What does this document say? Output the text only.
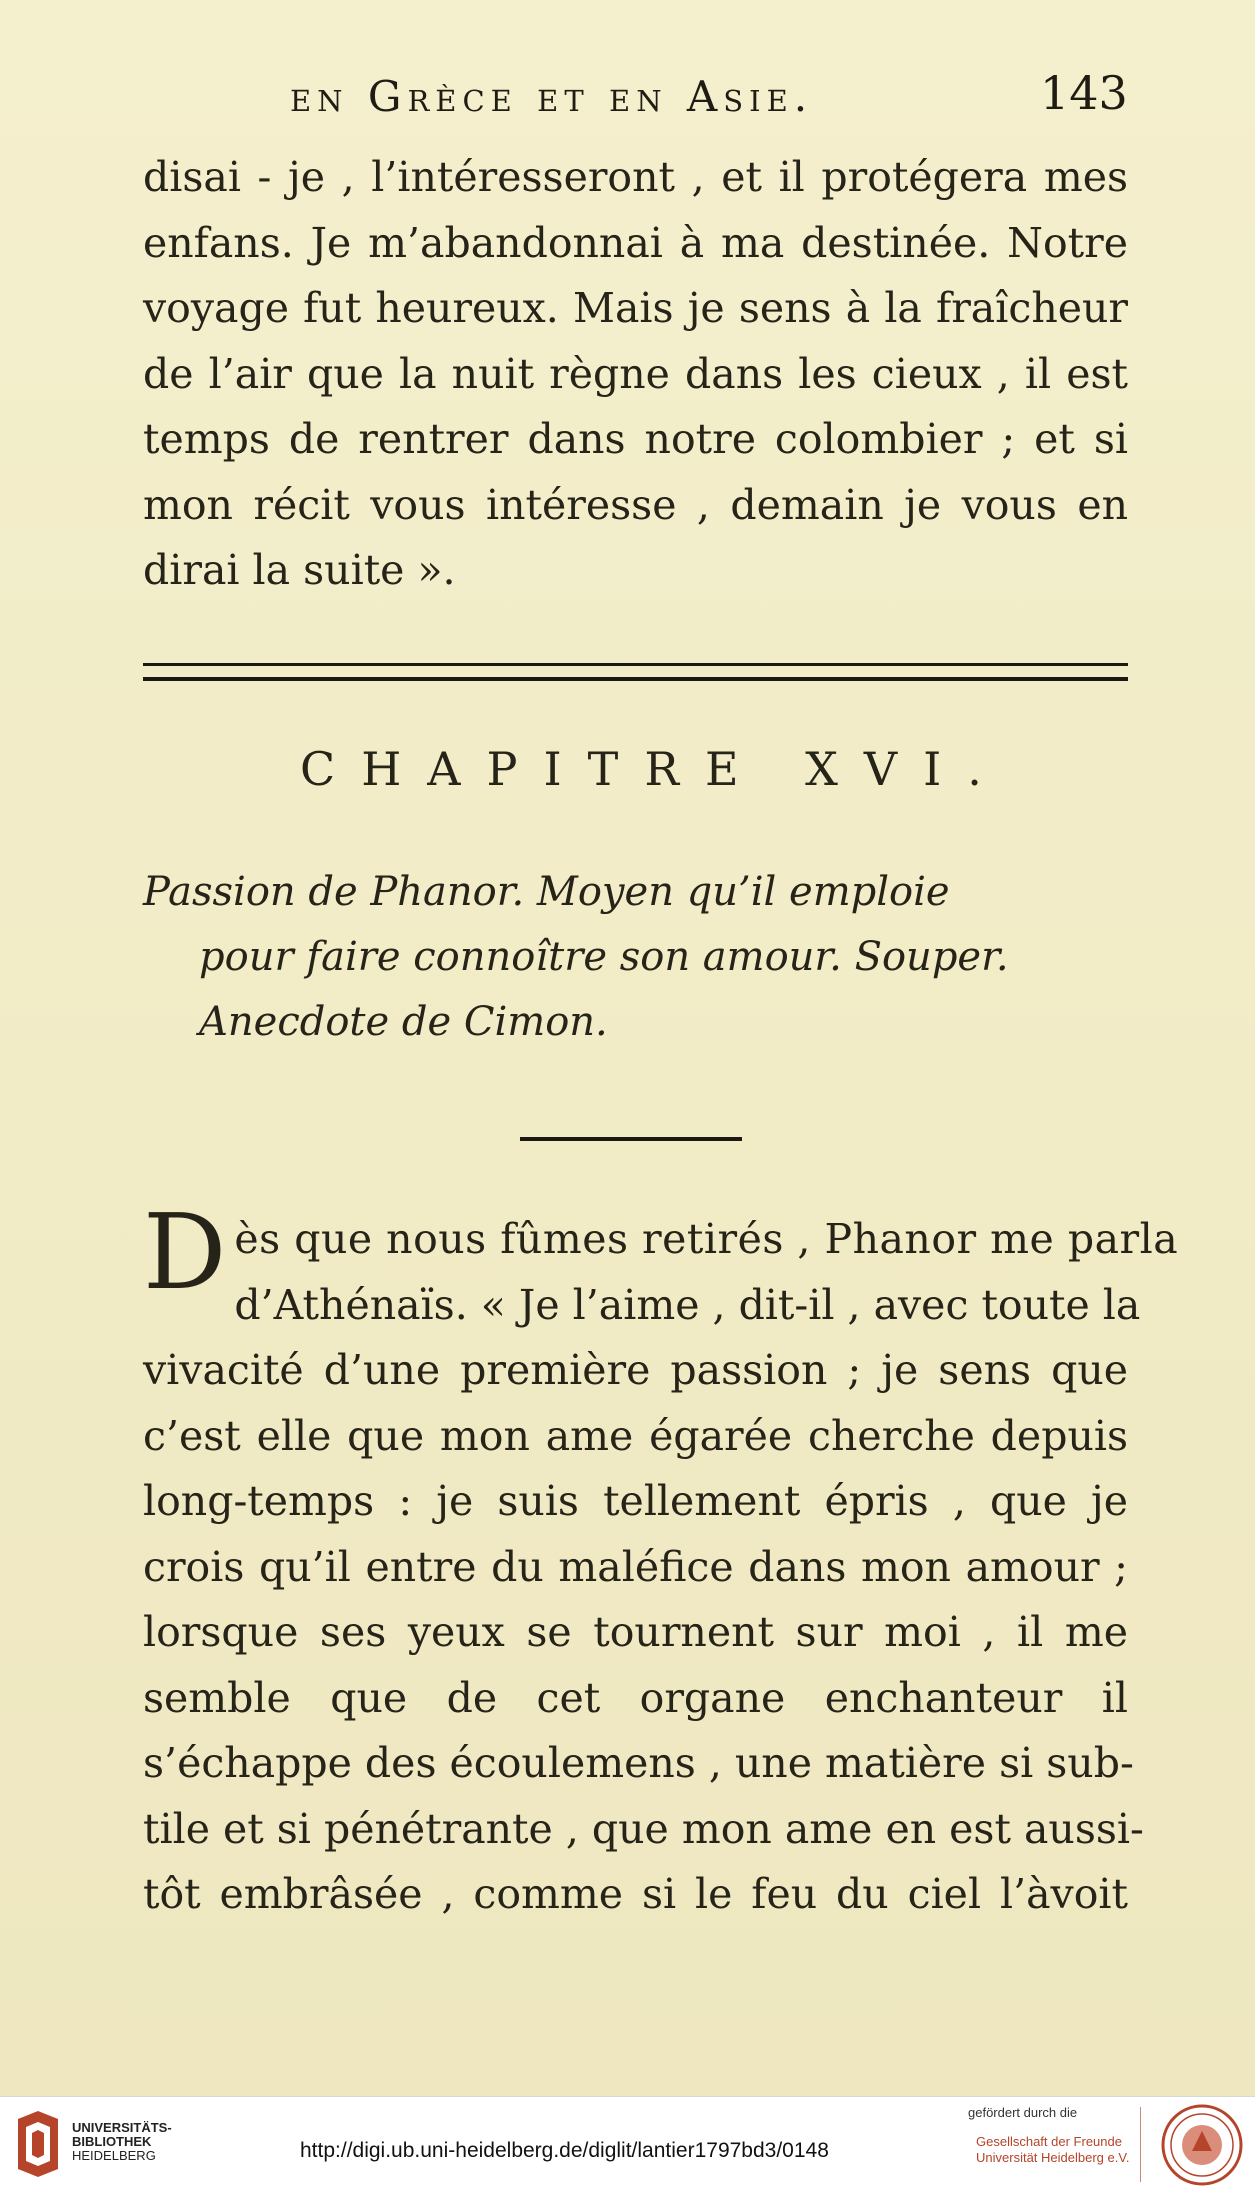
en Grèce et en Asie.	143
disai - je , l’intéresseront , et il protégera mes
enfans. Je m’abandonnai à ma destinée. Notre
voyage fut heureux. Mais je sens à la fraîcheur
de l’air que la nuit règne dans les cieux , il est
temps de rentrer dans notre colombier ; et si
mon récit vous intéresse , demain je vous en
dirai la suite ».
CHAPITRE XVI.
Passion de Phanor. Moyen qu’il emploie
pour faire connoître son amour. Souper.
Anecdote de Cimon.
D ès que nous fûmes retirés , Phanor me parla
d’Athénaïs. « Je l’aime , dit-il , avec toute la
vivacité d’une première passion ; je sens que
c’est elle que mon ame égarée cherche depuis
long-temps : je suis tellement épris , que je
crois qu’il entre du maléfice dans mon amour ;
lorsque ses yeux se tournent sur moi , il me
semble que de cet organe enchanteur il
s’échappe des écoulemens , une matière si sub-
tile et si pénétrante , que mon ame en est aussi-
tôt embrâsée , comme si le feu du ciel l’àvoit
UNIVERSITÄTS-
BIBLIOTHEK
HEIDELBERG	http://digi.ub.uni-heidelberg.de/diglit/lantier1797bd3/0148
gefördert durch die
Gesellschaft der Freunde
Universität Heidelberg e.V.
